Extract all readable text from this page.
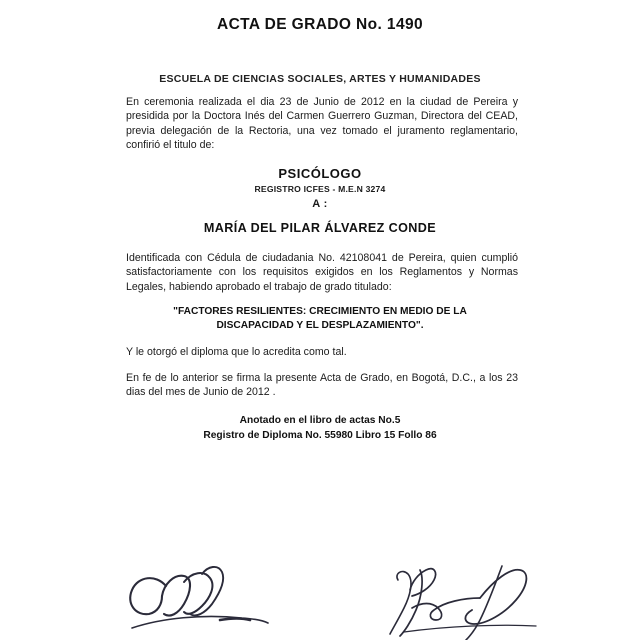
ACTA DE GRADO No. 1490
ESCUELA DE CIENCIAS SOCIALES, ARTES Y HUMANIDADES

En ceremonia realizada el dia 23 de Junio de 2012 en la ciudad de Pereira y presidida por la Doctora Inés del Carmen Guerrero Guzman, Directora del CEAD, previa delegación de la Rectoria, una vez tomado el juramento reglamentario, confirió el titulo de:

PSICÓLOGO
REGISTRO ICFES - M.E.N 3274
A :
MARÍA DEL PILAR ÁLVAREZ CONDE

Identificada con Cédula de ciudadania No. 42108041 de Pereira, quien cumplió satisfactoriamente con los requisitos exigidos en los Reglamentos y Normas Legales, habiendo aprobado el trabajo de grado titulado:

"FACTORES RESILIENTES: CRECIMIENTO EN MEDIO DE LA
DISCAPACIDAD Y EL DESPLAZAMIENTO".

Y le otorgó el diploma que lo acredita como tal.

En fe de lo anterior se firma la presente Acta de Grado, en Bogotá, D.C., a los 23 dias del mes de Junio de 2012 .

Anotado en el libro de actas No.5
Registro de Diploma No. 55980 Libro 15 Follo 86
